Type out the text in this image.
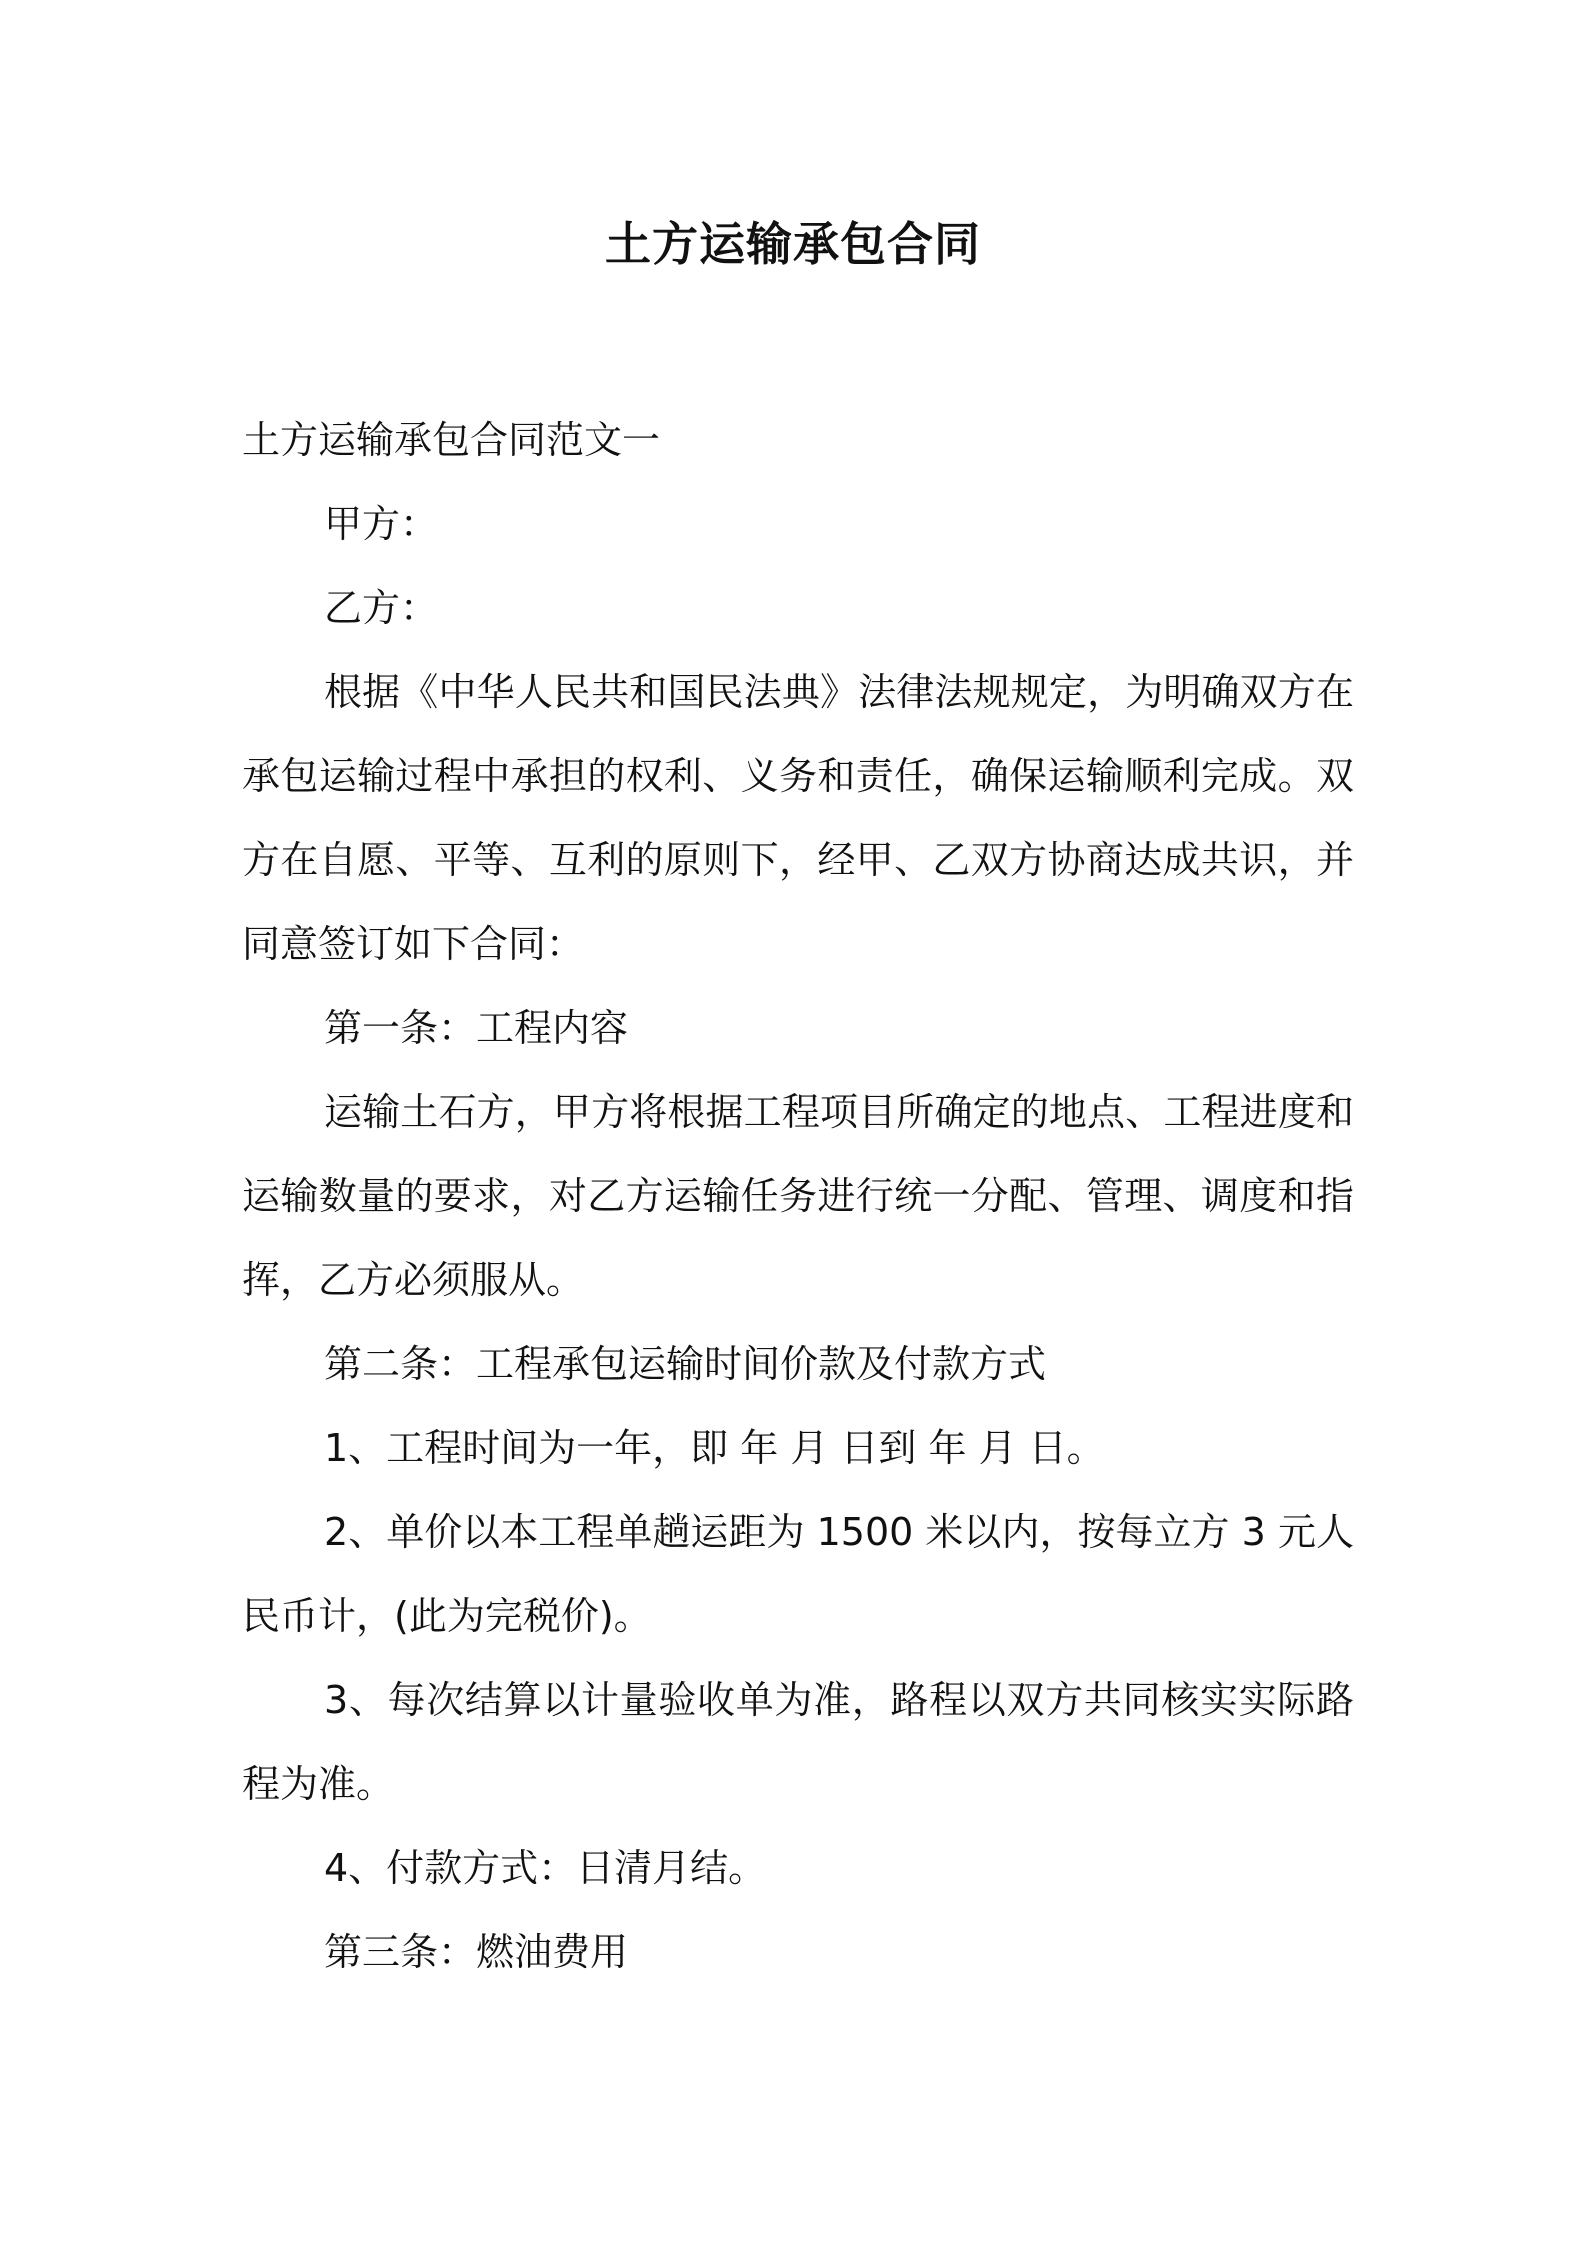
土方运输承包合同

土方运输承包合同范文一

甲方：

乙方：

根据《中华人民共和国民法典》法律法规规定，为明确双方在承包运输过程中承担的权利、义务和责任，确保运输顺利完成。双方在自愿、平等、互利的原则下，经甲、乙双方协商达成共识，并同意签订如下合同：

第一条：工程内容

运输土石方，甲方将根据工程项目所确定的地点、工程进度和运输数量的要求，对乙方运输任务进行统一分配、管理、调度和指挥，乙方必须服从。

第二条：工程承包运输时间价款及付款方式

1、工程时间为一年，即 年 月 日到 年 月 日。

2、单价以本工程单趟运距为 1500 米以内，按每立方 3 元人民币计，(此为完税价)。

3、每次结算以计量验收单为准，路程以双方共同核实实际路程为准。

4、付款方式：日清月结。

第三条：燃油费用
